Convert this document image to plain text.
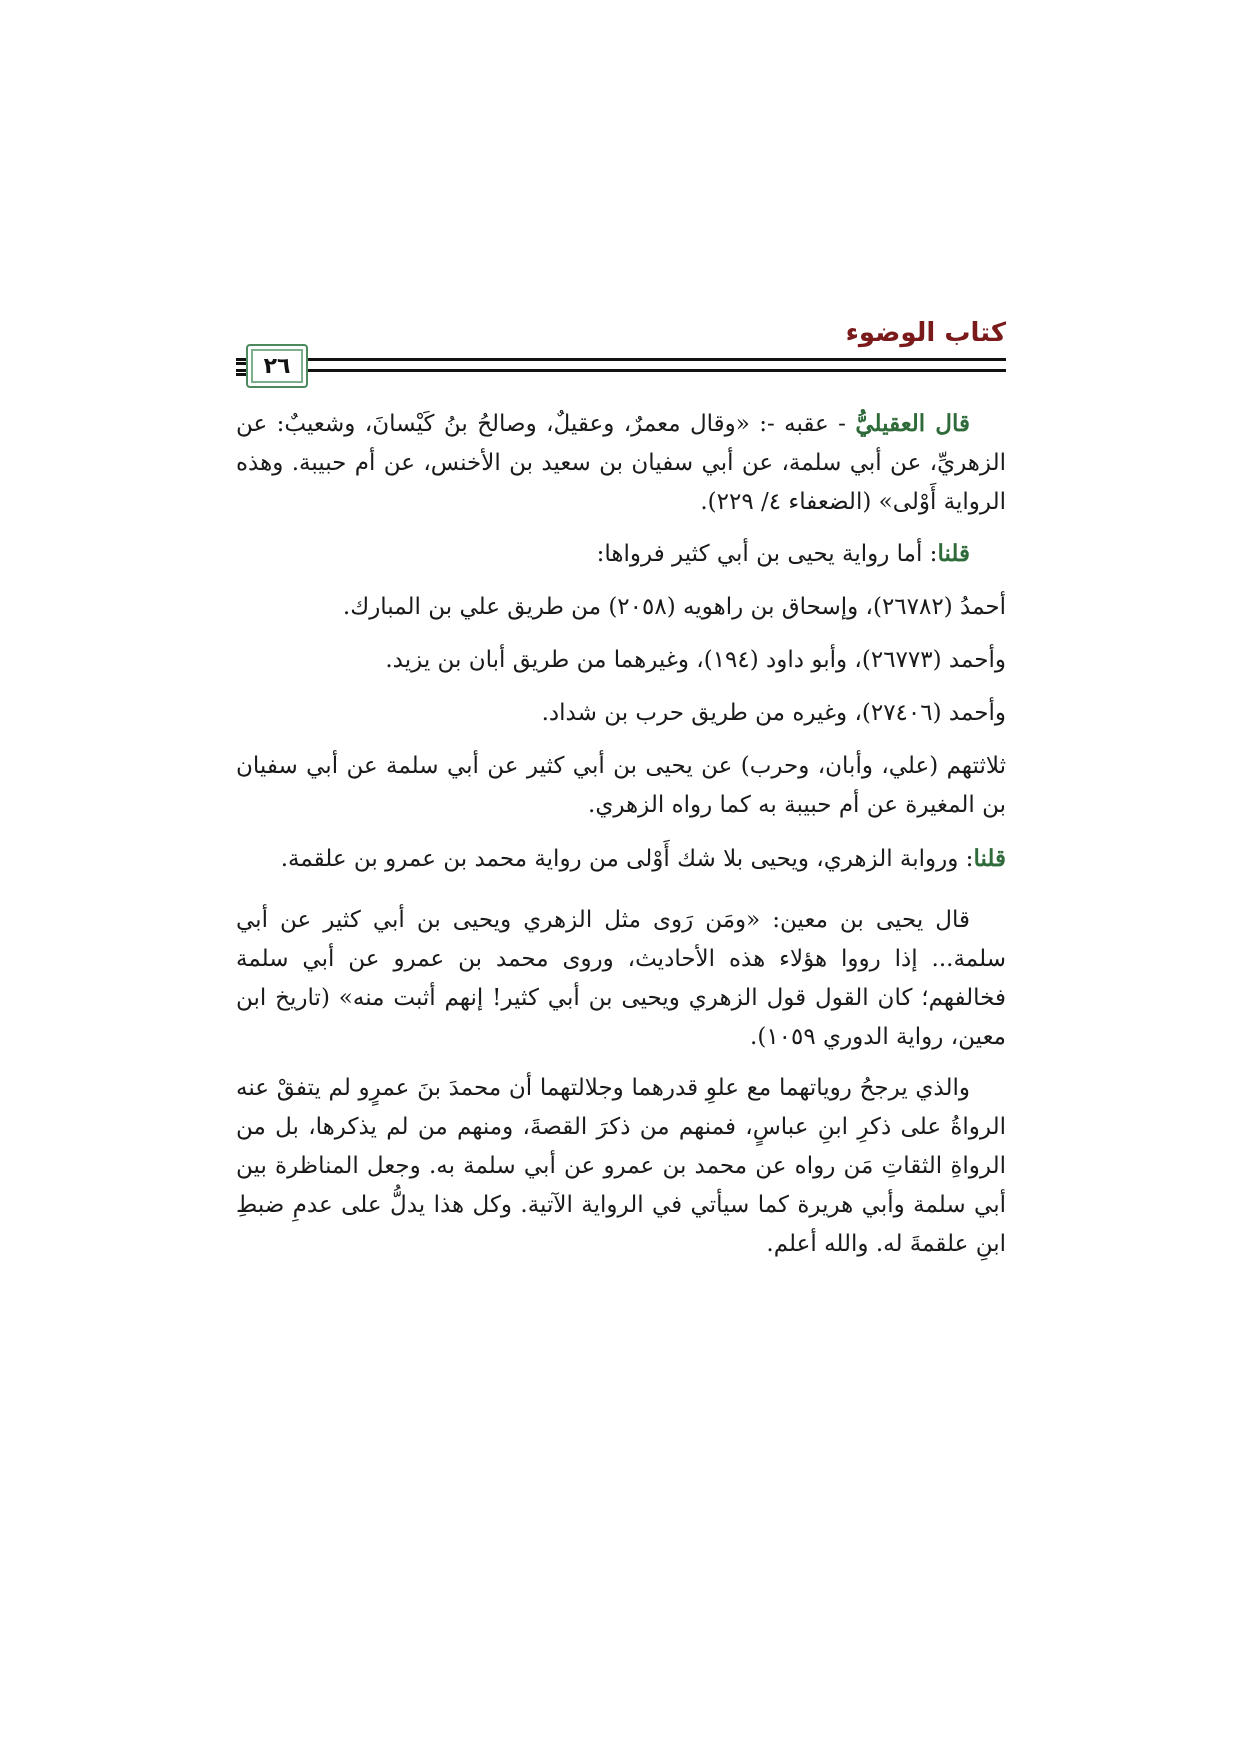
كتاب الوضوء
٢٦

قال العقيليُّ - عقبه -: «وقال معمرٌ، وعقيلٌ، وصالحُ بنُ كَيْسانَ، وشعيبٌ: عن الزهريِّ، عن أبي سلمة، عن أبي سفيان بن سعيد بن الأخنس، عن أم حبيبة. وهذه الرواية أَوْلى» (الضعفاء ٤/ ٢٢٩).

قلنا: أما رواية يحيى بن أبي كثير فرواها:

أحمدُ (٢٦٧٨٢)، وإسحاق بن راهويه (٢٠٥٨) من طريق علي بن المبارك.

وأحمد (٢٦٧٧٣)، وأبو داود (١٩٤)، وغيرهما من طريق أبان بن يزيد.

وأحمد (٢٧٤٠٦)، وغيره من طريق حرب بن شداد.

ثلاثتهم (علي، وأبان، وحرب) عن يحيى بن أبي كثير عن أبي سلمة عن أبي سفيان بن المغيرة عن أم حبيبة به كما رواه الزهري.

قلنا: وروابة الزهري، ويحيى بلا شك أَوْلى من رواية محمد بن عمرو بن علقمة.

قال يحيى بن معين: «ومَن رَوى مثل الزهري ويحيى بن أبي كثير عن أبي سلمة... إذا رووا هؤلاء هذه الأحاديث، وروى محمد بن عمرو عن أبي سلمة فخالفهم؛ كان القول قول الزهري ويحيى بن أبي كثير! إنهم أثبت منه» (تاريخ ابن معين، رواية الدوري ١٠٥٩).

والذي يرجحُ روياتهما مع علوِ قدرهما وجلالتهما أن محمدَ بنَ عمرٍو لم يتفقْ عنه الرواةُ على ذكرِ ابنِ عباسٍ، فمنهم من ذكرَ القصةَ، ومنهم من لم يذكرها، بل من الرواةِ الثقاتِ مَن رواه عن محمد بن عمرو عن أبي سلمة به. وجعل المناظرة بين أبي سلمة وأبي هريرة كما سيأتي في الرواية الآتية. وكل هذا يدلُّ على عدمِ ضبطِ ابنِ علقمةَ له. والله أعلم.
